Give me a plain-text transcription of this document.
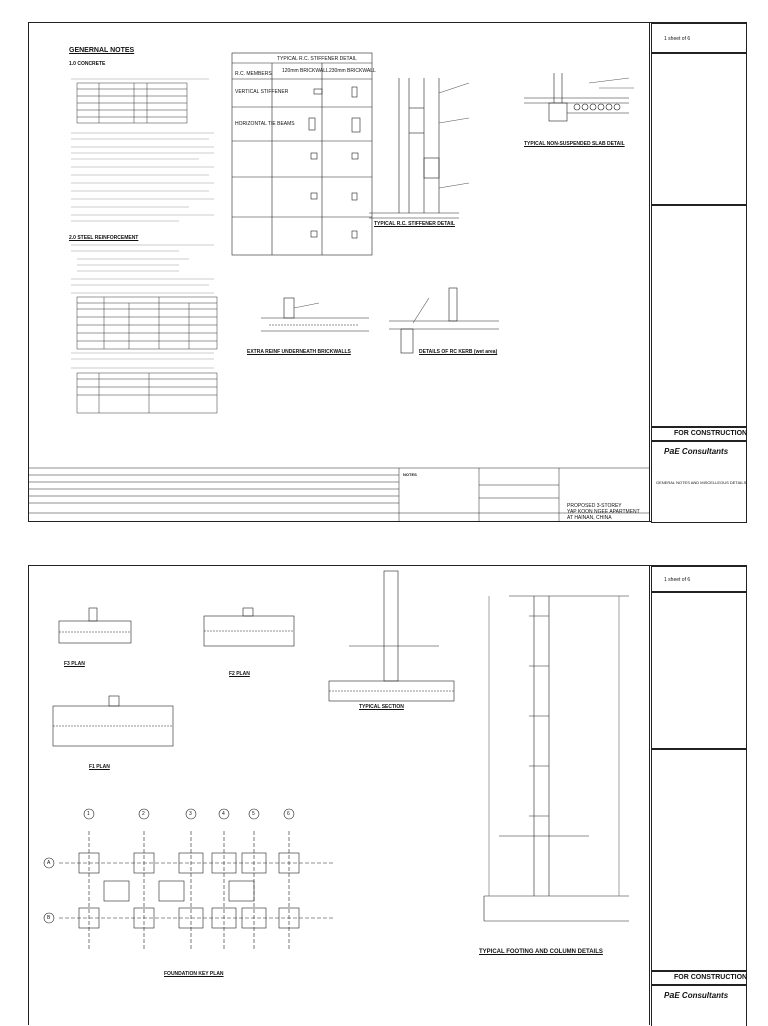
GENERNAL NOTES
1.0 CONCRETE
2.0 STEEL REINFORCEMENT
TYPICAL R.C. STIFFENER DETAIL
R.C. MEMBERS 120mm BRICKWALL 230mm BRICKWALL
VERTICAL STIFFENER
HORIZONTAL TIE BEAMS
TYPICAL R.C. STIFFENER DETAIL
TYPICAL NON-SUSPENDED SLAB DETAIL
EXTRA REINF UNDERNEATH BRICKWALLS	DETAILS OF RC KERB (wet area)
NOTES
PROPOSED 3-STOREY
YAP KOON NGEE APARTMENT
AT HAINAN, CHINA
1 sheet of 6
FOR CONSTRUCTION
PaE Consultants
GENERAL NOTES AND MISCELLEOUS DETAILS
F3 PLAN
F2 PLAN
F1 PLAN
TYPICAL SECTION
TYPICAL FOOTING AND COLUMN DETAILS
FOUNDATION KEY PLAN
1	2	3	4	5	6
A
B
1 sheet of 6
FOR CONSTRUCTION
PaE Consultants
